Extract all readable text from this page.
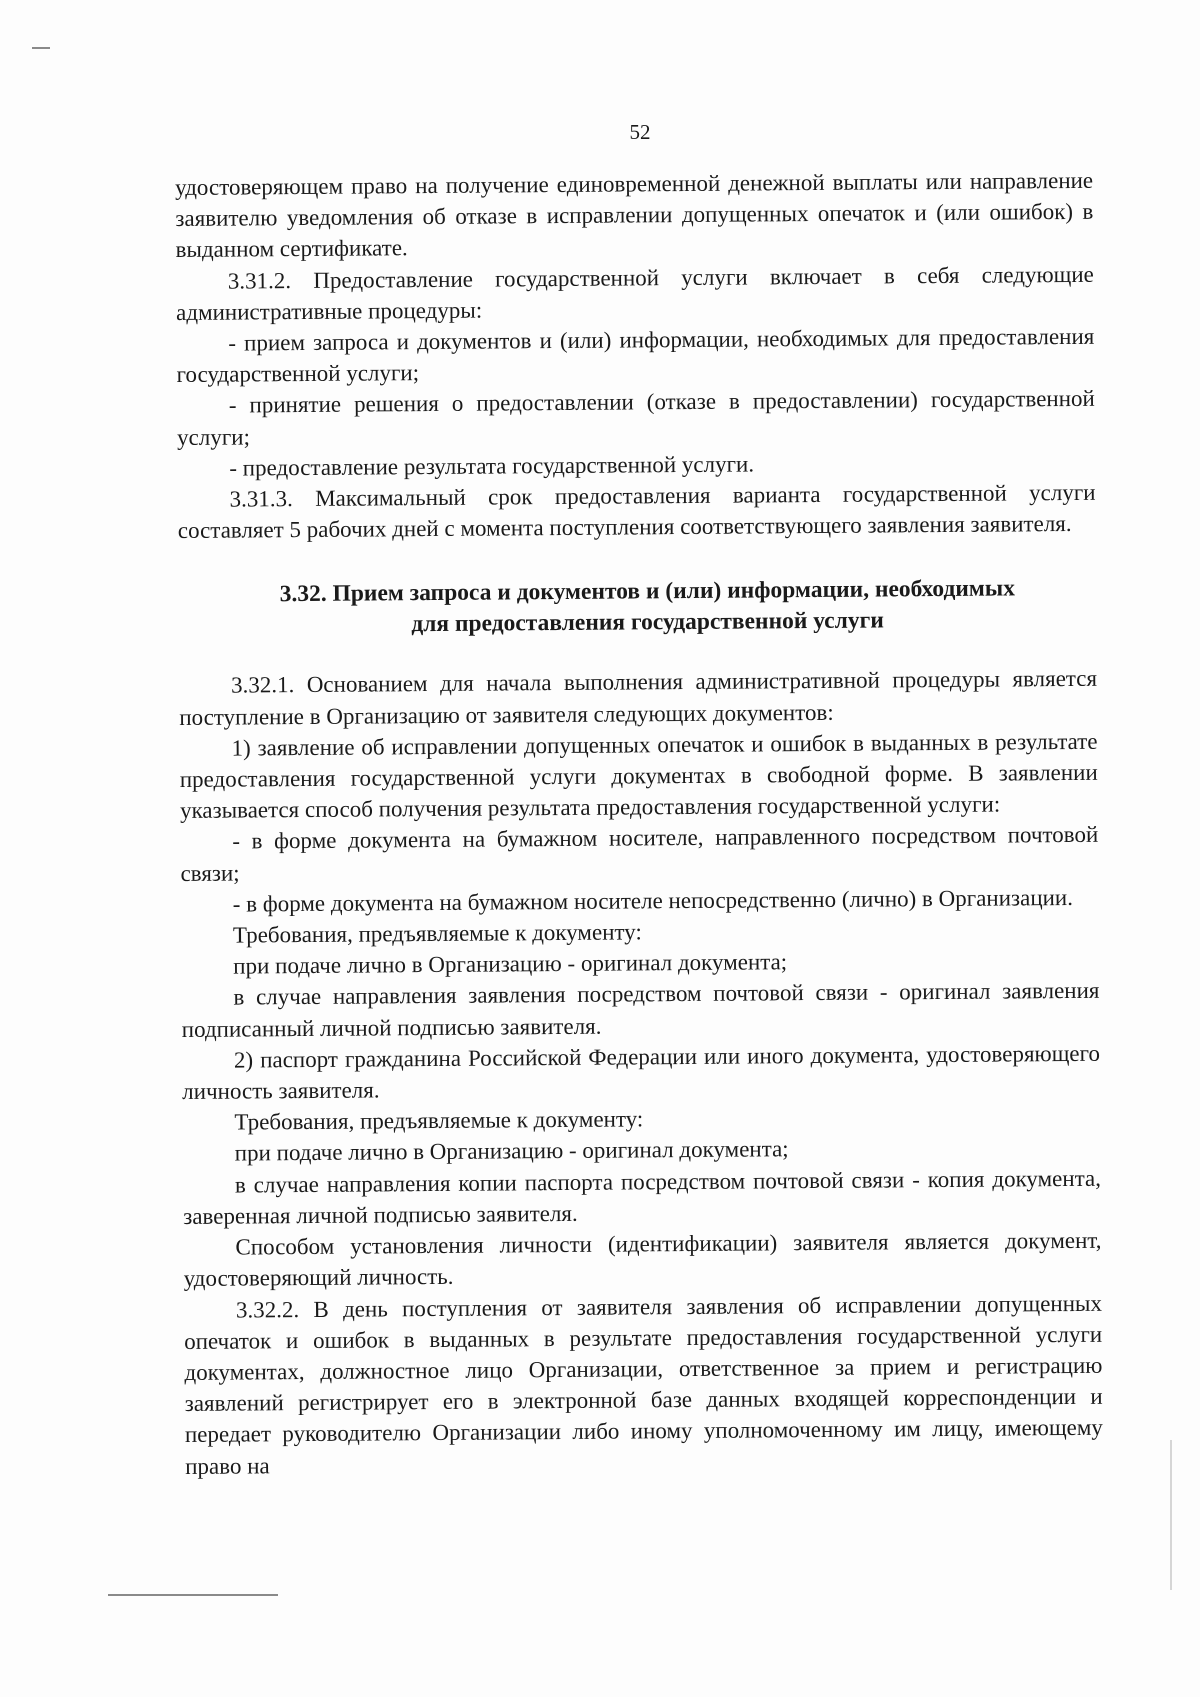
52

удостоверяющем право на получение единовременной денежной выплаты или направление заявителю уведомления об отказе в исправлении допущенных опечаток и (или ошибок) в выданном сертификате.

3.31.2. Предоставление государственной услуги включает в себя следующие административные процедуры:

- прием запроса и документов и (или) информации, необходимых для предоставления государственной услуги;

- принятие решения о предоставлении (отказе в предоставлении) государственной услуги;

- предоставление результата государственной услуги.

3.31.3. Максимальный срок предоставления варианта государственной услуги составляет 5 рабочих дней с момента поступления соответствующего заявления заявителя.

3.32. Прием запроса и документов и (или) информации, необходимых
для предоставления государственной услуги

3.32.1. Основанием для начала выполнения административной процедуры является поступление в Организацию от заявителя следующих документов:

1) заявление об исправлении допущенных опечаток и ошибок в выданных в результате предоставления государственной услуги документах в свободной форме. В заявлении указывается способ получения результата предоставления государственной услуги:

- в форме документа на бумажном носителе, направленного посредством почтовой связи;

- в форме документа на бумажном носителе непосредственно (лично) в Организации.

Требования, предъявляемые к документу:

при подаче лично в Организацию - оригинал документа;

в случае направления заявления посредством почтовой связи - оригинал заявления подписанный личной подписью заявителя.

2) паспорт гражданина Российской Федерации или иного документа, удостоверяющего личность заявителя.

Требования, предъявляемые к документу:

при подаче лично в Организацию - оригинал документа;

в случае направления копии паспорта посредством почтовой связи - копия документа, заверенная личной подписью заявителя.

Способом установления личности (идентификации) заявителя является документ, удостоверяющий личность.

3.32.2. В день поступления от заявителя заявления об исправлении допущенных опечаток и ошибок в выданных в результате предоставления государственной услуги документах, должностное лицо Организации, ответственное за прием и регистрацию заявлений регистрирует его в электронной базе данных входящей корреспонденции и передает руководителю Организации либо иному уполномоченному им лицу, имеющему право на
